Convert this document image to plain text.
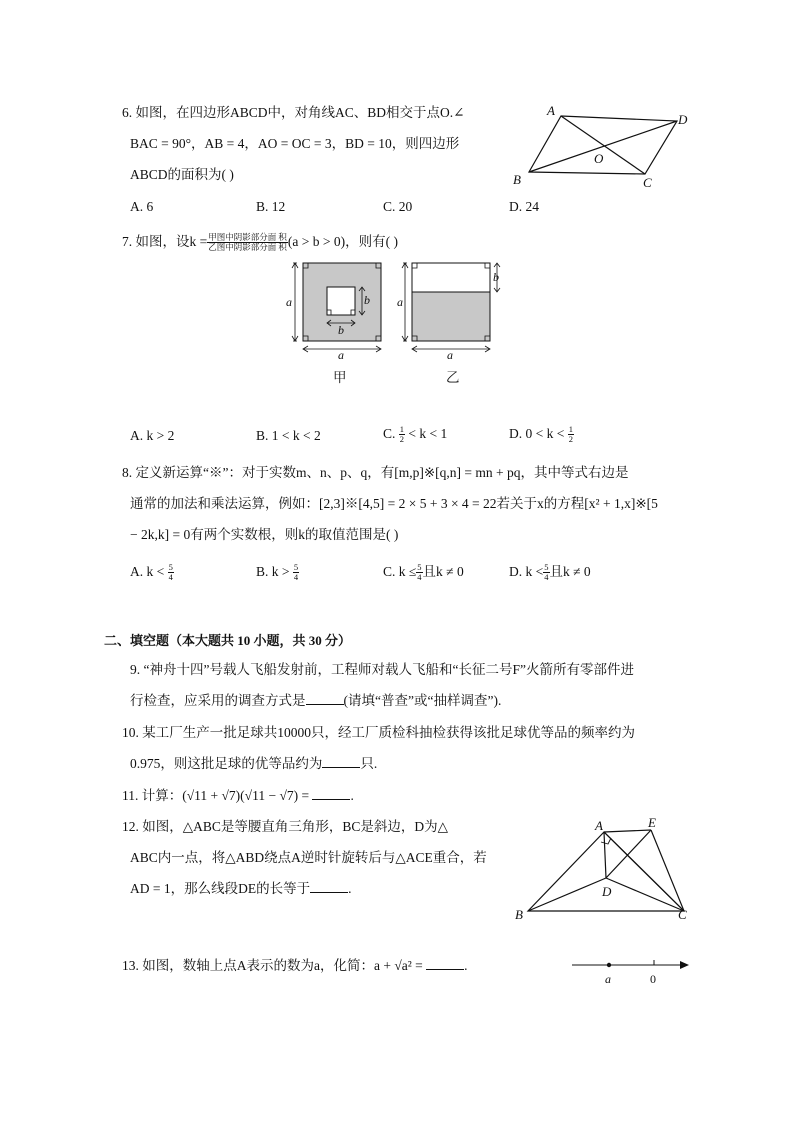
6. 如图，在四边形ABCD中，对角线AC、BD相交于点O.∠
BAC = 90°，AB = 4，AO = OC = 3，BD = 10，则四边形
ABCD的面积为( )
A. 6	B. 12	C. 20	D. 24
A
D
B	C
O
7. 如图，设$k = \frac{\text{甲图中阴影部分面 积}}{\text{乙图中阴影部分面 积}} (a > b > 0)$，则有( )
a
a
b
b
a
a
b
甲	乙
A. k > 2	B. 1 < k < 2	C. $\frac{1}{2} < k < 1$	D. $0 < k < \frac{1}{2}$
8. 定义新运算“※”：对于实数m、n、p、q，有[m,p]※[q,n] = mn + pq，其中等式右边是
通常的加法和乘法运算，例如：[2,3]※[4,5] = 2 × 5 + 3 × 4 = 22若关于x的方程[x² + 1,x]※[5
− 2k,k] = 0有两个实数根，则k的取值范围是( )
A. $k < \frac{5}{4}$	B. $k > \frac{5}{4}$	C. $k \le \frac{5}{4}$ 且k ≠ 0	D. $k < \frac{5}{4}$ 且k ≠ 0
二、填空题（本大题共 10 小题，共 30 分）
9. “神舟十四”号载人飞船发射前，工程师对载人飞船和“长征二号F”火箭所有零部件进
行检查，应采用的调查方式是	(请填“普查”或“抽样调查”).
10. 某工厂生产一批足球共10000只，经工厂质检科抽检获得该批足球优等品的频率约为
0.975，则这批足球的优等品约为	只.
11. 计算：(√11 + √7)(√11 − √7) =	.
12. 如图，△ABC是等腰直角三角形，BC是斜边，D为△
ABC内一点，将△ABD绕点A逆时针旋转后与△ACE重合，若
AD = 1，那么线段DE的长等于	.
A	E
B	C
D
13. 如图，数轴上点A表示的数为a，化简：a + √a² =	.
a	0
